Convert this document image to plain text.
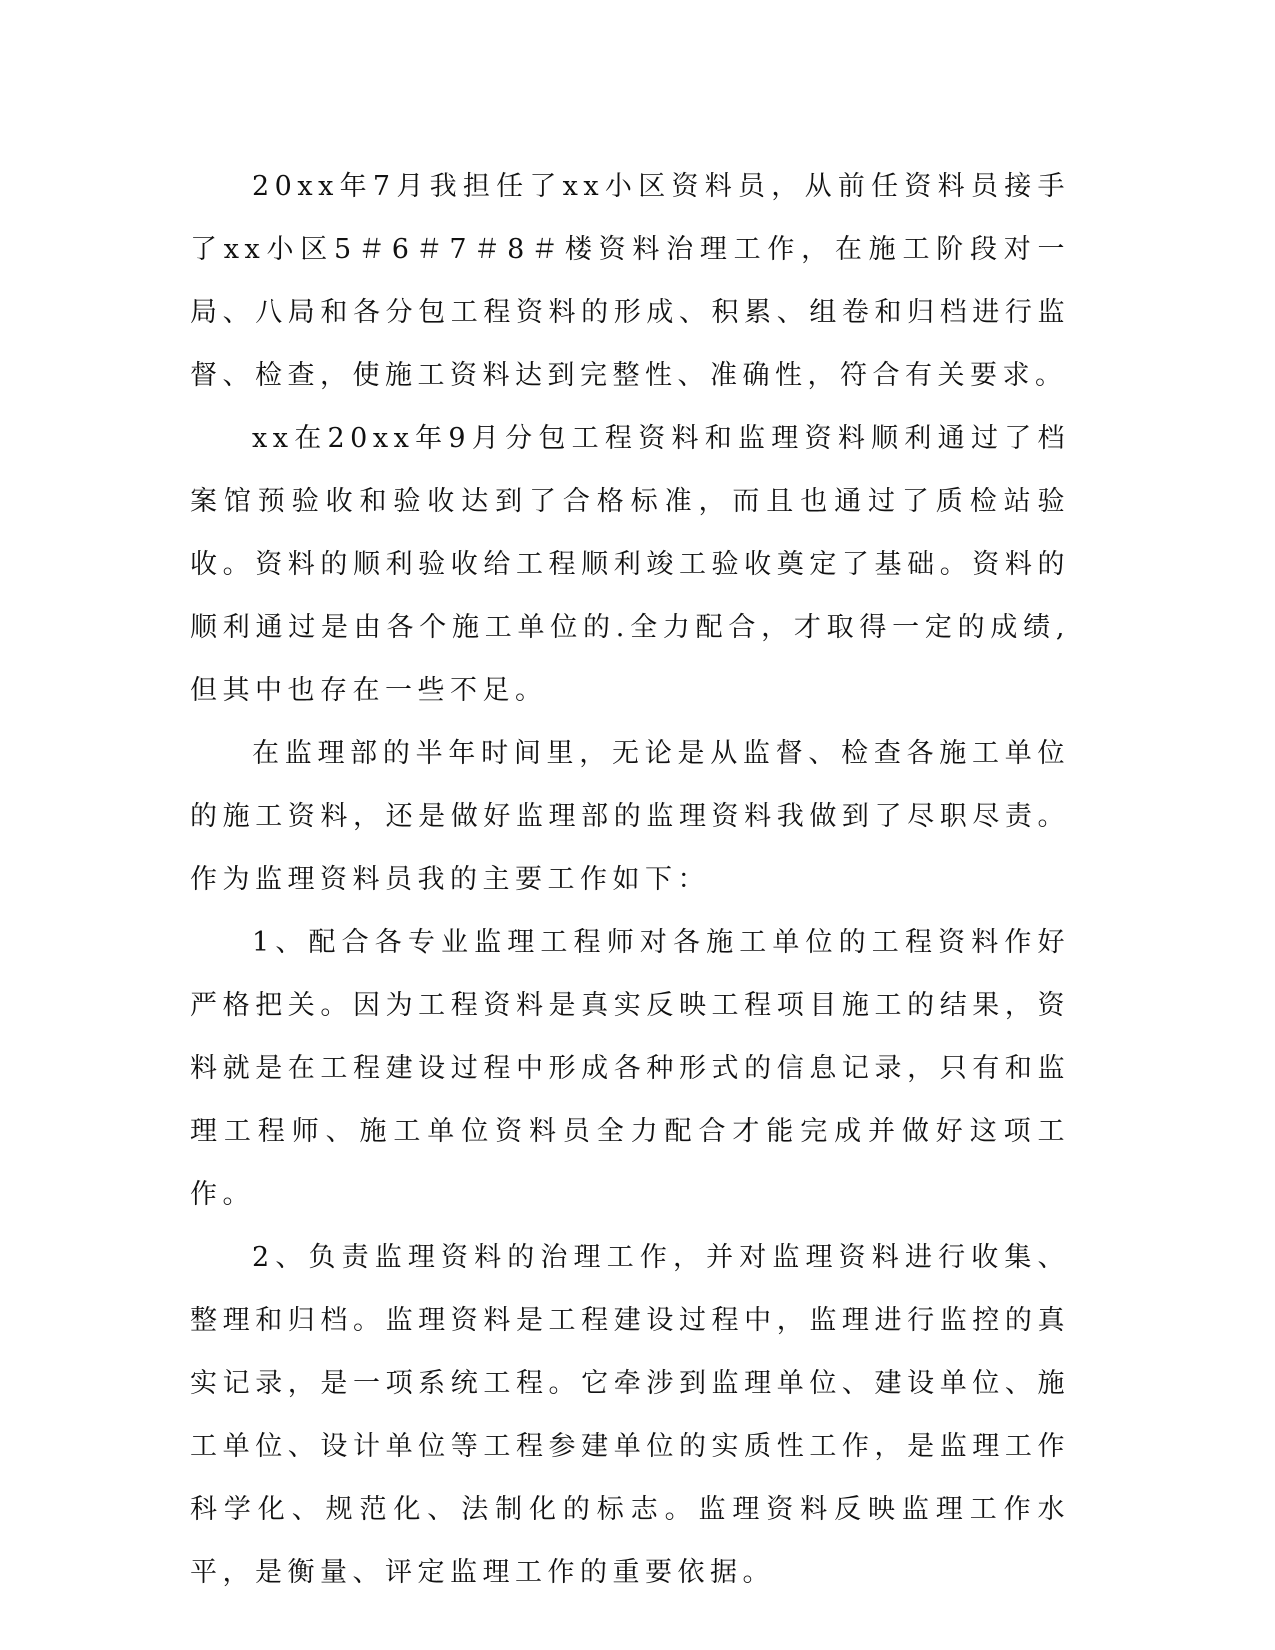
20xx年7月我担任了xx小区资料员，从前任资料员接手了xx小区5＃6＃7＃8＃楼资料治理工作，在施工阶段对一局、八局和各分包工程资料的形成、积累、组卷和归档进行监督、检查，使施工资料达到完整性、准确性，符合有关要求。

xx在20xx年9月分包工程资料和监理资料顺利通过了档案馆预验收和验收达到了合格标准，而且也通过了质检站验收。资料的顺利验收给工程顺利竣工验收奠定了基础。资料的顺利通过是由各个施工单位的.全力配合，才取得一定的成绩,但其中也存在一些不足。

在监理部的半年时间里，无论是从监督、检查各施工单位的施工资料，还是做好监理部的监理资料我做到了尽职尽责。作为监理资料员我的主要工作如下：

1、配合各专业监理工程师对各施工单位的工程资料作好严格把关。因为工程资料是真实反映工程项目施工的结果，资料就是在工程建设过程中形成各种形式的信息记录，只有和监理工程师、施工单位资料员全力配合才能完成并做好这项工作。

2、负责监理资料的治理工作，并对监理资料进行收集、整理和归档。监理资料是工程建设过程中，监理进行监控的真实记录，是一项系统工程。它牵涉到监理单位、建设单位、施工单位、设计单位等工程参建单位的实质性工作，是监理工作科学化、规范化、法制化的标志。监理资料反映监理工作水平，是衡量、评定监理工作的重要依据。
